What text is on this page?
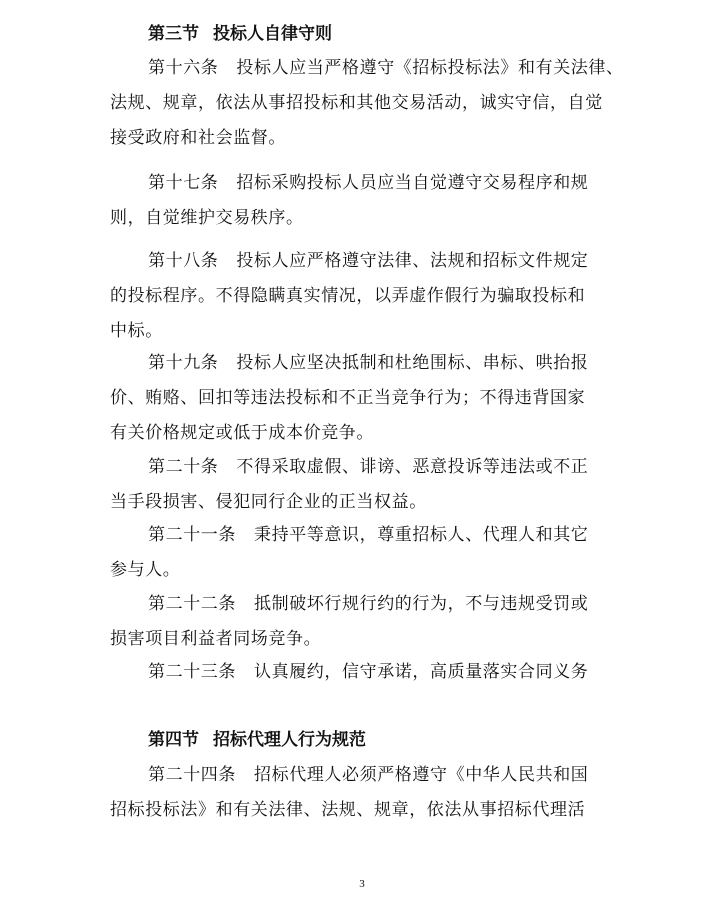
第三节 投标人自律守则
第十六条 投标人应当严格遵守《招标投标法》和有关法律、
法规、规章，依法从事招投标和其他交易活动，诚实守信，自觉
接受政府和社会监督。
第十七条 招标采购投标人员应当自觉遵守交易程序和规
则，自觉维护交易秩序。
第十八条 投标人应严格遵守法律、法规和招标文件规定
的投标程序。不得隐瞒真实情况，以弄虚作假行为骗取投标和
中标。
第十九条 投标人应坚决抵制和杜绝围标、串标、哄抬报
价、贿赂、回扣等违法投标和不正当竞争行为；不得违背国家
有关价格规定或低于成本价竞争。
第二十条 不得采取虚假、诽谤、恶意投诉等违法或不正
当手段损害、侵犯同行企业的正当权益。
第二十一条 秉持平等意识，尊重招标人、代理人和其它
参与人。
第二十二条 抵制破坏行规行约的行为，不与违规受罚或
损害项目利益者同场竞争。
第二十三条 认真履约，信守承诺，高质量落实合同义务
第四节 招标代理人行为规范
第二十四条 招标代理人必须严格遵守《中华人民共和国
招标投标法》和有关法律、法规、规章，依法从事招标代理活
3
